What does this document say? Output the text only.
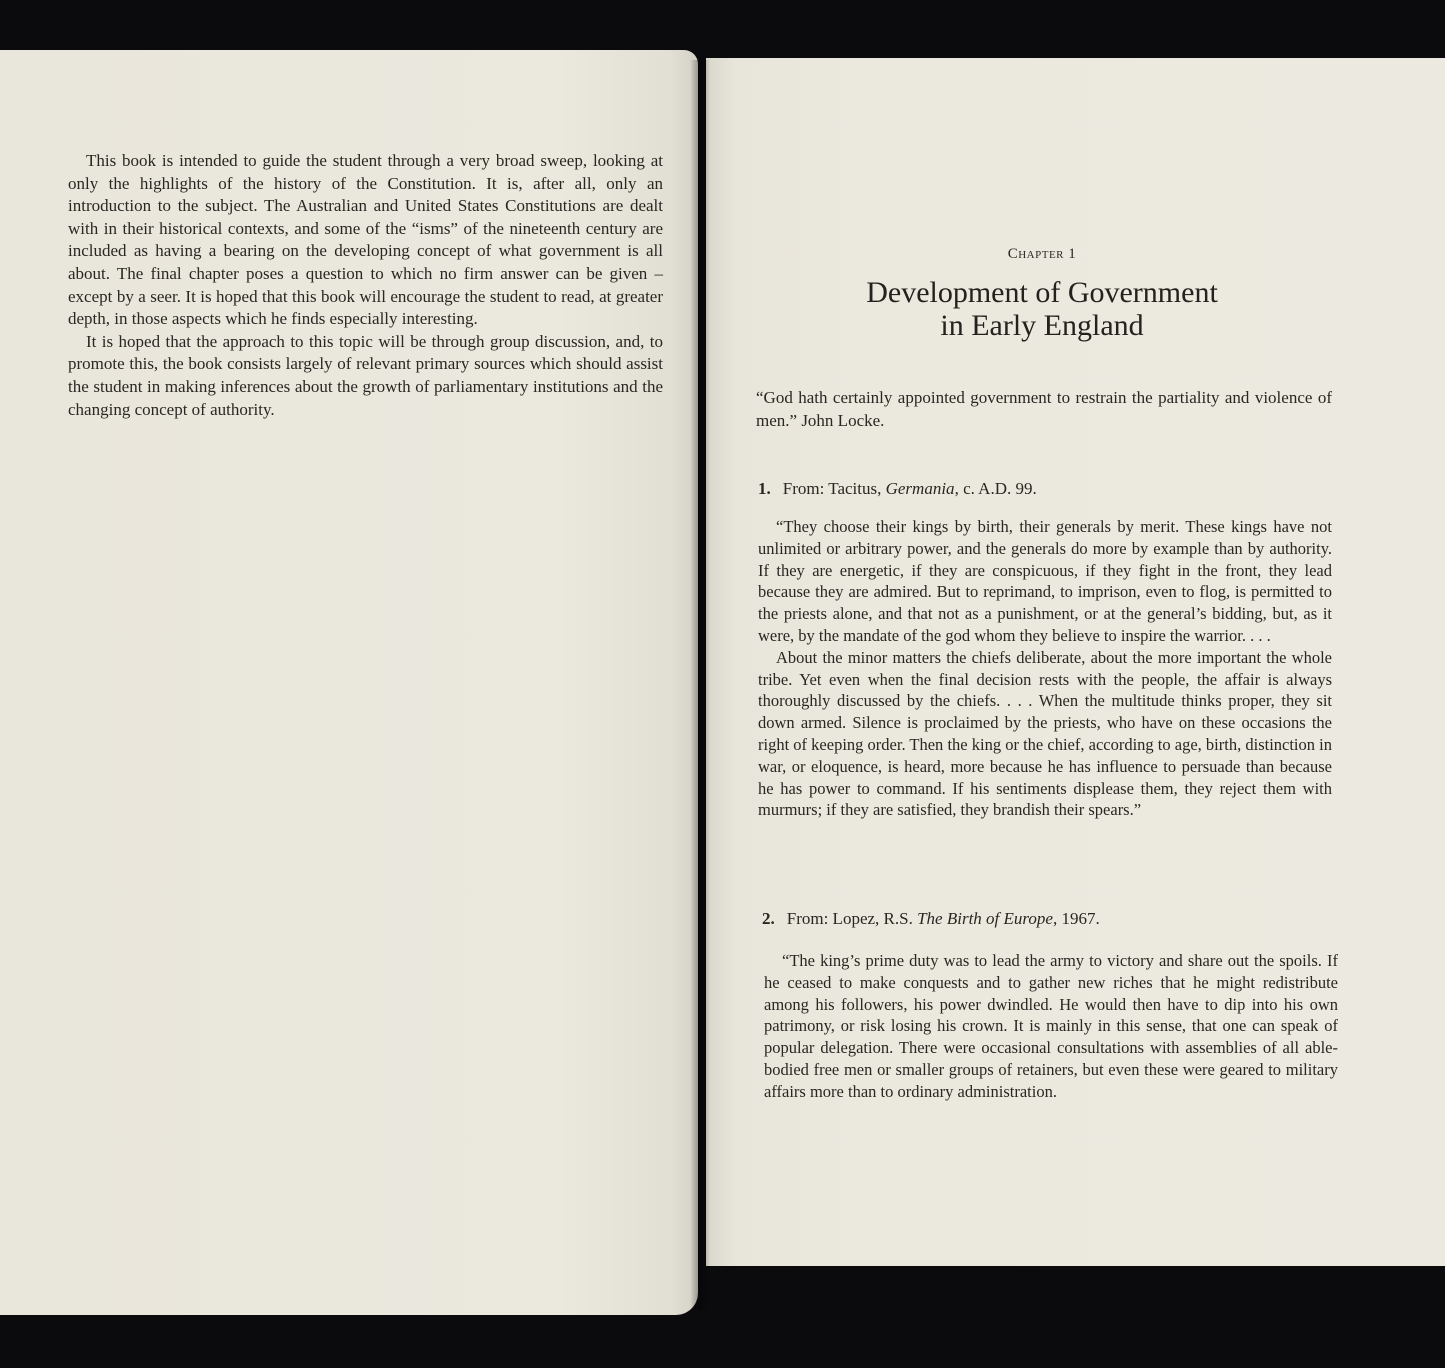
This book is intended to guide the student through a very broad sweep, looking at only the highlights of the history of the Constitution. It is, after all, only an introduction to the subject. The Australian and United States Constitutions are dealt with in their historical contexts, and some of the “isms” of the nineteenth century are included as having a bearing on the developing concept of what government is all about. The final chapter poses a question to which no firm answer can be given – except by a seer. It is hoped that this book will encourage the student to read, at greater depth, in those aspects which he finds especially interesting.

It is hoped that the approach to this topic will be through group discussion, and, to promote this, the book consists largely of relevant primary sources which should assist the student in making inferences about the growth of parliamentary institutions and the changing concept of authority.

Chapter 1
Development of Government
in Early England

“God hath certainly appointed government to restrain the partiality and violence of men.” John Locke.

1. From: Tacitus, Germania, c. A.D. 99.

“They choose their kings by birth, their generals by merit. These kings have not unlimited or arbitrary power, and the generals do more by example than by authority. If they are energetic, if they are conspicuous, if they fight in the front, they lead because they are admired. But to reprimand, to imprison, even to flog, is permitted to the priests alone, and that not as a punishment, or at the general’s bidding, but, as it were, by the mandate of the god whom they believe to inspire the warrior. . . .

About the minor matters the chiefs deliberate, about the more important the whole tribe. Yet even when the final decision rests with the people, the affair is always thoroughly discussed by the chiefs. . . . When the multitude thinks proper, they sit down armed. Silence is proclaimed by the priests, who have on these occasions the right of keeping order. Then the king or the chief, according to age, birth, distinction in war, or eloquence, is heard, more because he has influence to persuade than because he has power to command. If his sentiments displease them, they reject them with murmurs; if they are satisfied, they brandish their spears.”

2. From: Lopez, R.S. The Birth of Europe, 1967.

“The king’s prime duty was to lead the army to victory and share out the spoils. If he ceased to make conquests and to gather new riches that he might redistribute among his followers, his power dwindled. He would then have to dip into his own patrimony, or risk losing his crown. It is mainly in this sense, that one can speak of popular delegation. There were occasional consultations with assemblies of all able-bodied free men or smaller groups of retainers, but even these were geared to military affairs more than to ordinary administration.
